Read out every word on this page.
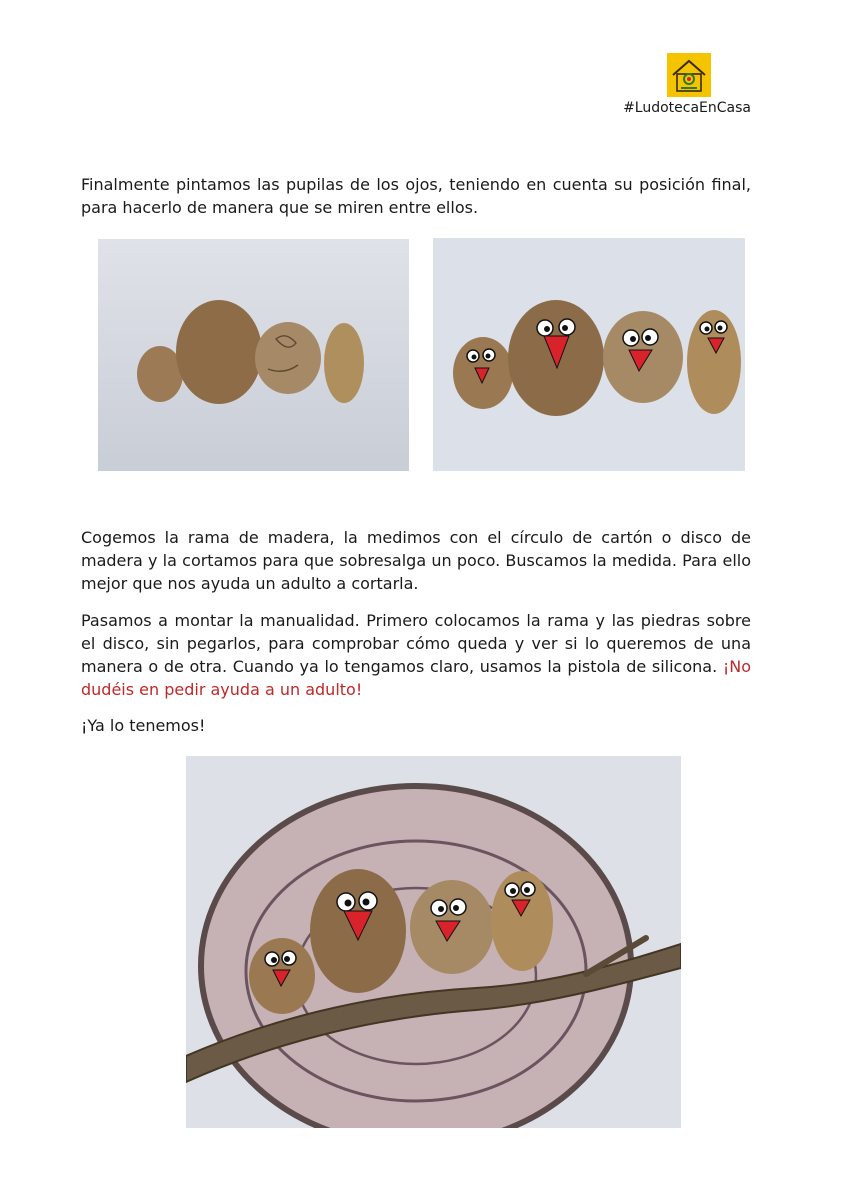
#LudotecaEnCasa

Finalmente pintamos las pupilas de los ojos, teniendo en cuenta su posición final, para hacerlo de manera que se miren entre ellos.

Cogemos la rama de madera, la medimos con el círculo de cartón o disco de madera y la cortamos para que sobresalga un poco. Buscamos la medida. Para ello mejor que nos ayuda un adulto a cortarla.

Pasamos a montar la manualidad. Primero colocamos la rama y las piedras sobre el disco, sin pegarlos, para comprobar cómo queda y ver si lo queremos de una manera o de otra. Cuando ya lo tengamos claro, usamos la pistola de silicona. ¡No dudéis en pedir ayuda a un adulto!

¡Ya lo tenemos!
